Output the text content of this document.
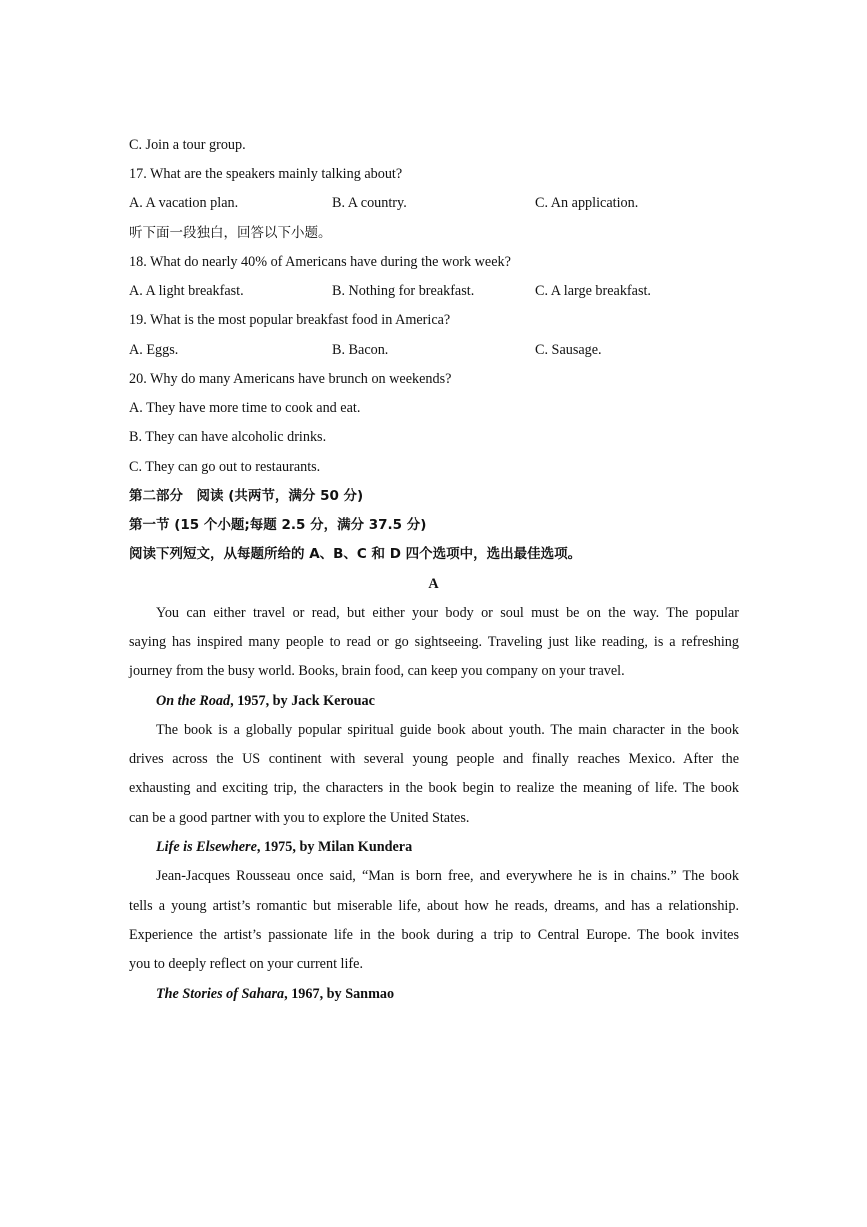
C. Join a tour group.
17. What are the speakers mainly talking about?
A. A vacation plan.	B. A country.	C. An application.
听下面一段独白，回答以下小题。
18. What do nearly 40% of Americans have during the work week?
A. A light breakfast.	B. Nothing for breakfast.	C. A large breakfast.
19. What is the most popular breakfast food in America?
A. Eggs.	B. Bacon.	C. Sausage.
20. Why do many Americans have brunch on weekends?
A. They have more time to cook and eat.
B. They can have alcoholic drinks.
C. They can go out to restaurants.
第二部分　阅读 (共两节，满分 50 分)
第一节 (15 个小题;每题 2.5 分，满分 37.5 分)
阅读下列短文，从每题所给的 A、B、C 和 D 四个选项中，选出最佳选项。
A
You can either travel or read, but either your body or soul must be on the way. The popular
saying has inspired many people to read or go sightseeing. Traveling just like reading, is a refreshing
journey from the busy world. Books, brain food, can keep you company on your travel.
On the Road, 1957, by Jack Kerouac
The book is a globally popular spiritual guide book about youth. The main character in the book
drives across the US continent with several young people and finally reaches Mexico. After the
exhausting and exciting trip, the characters in the book begin to realize the meaning of life. The book
can be a good partner with you to explore the United States.
Life is Elsewhere, 1975, by Milan Kundera
Jean-Jacques Rousseau once said, “Man is born free, and everywhere he is in chains.” The book
tells a young artist’s romantic but miserable life, about how he reads, dreams, and has a relationship.
Experience the artist’s passionate life in the book during a trip to Central Europe. The book invites
you to deeply reflect on your current life.
The Stories of Sahara, 1967, by Sanmao
